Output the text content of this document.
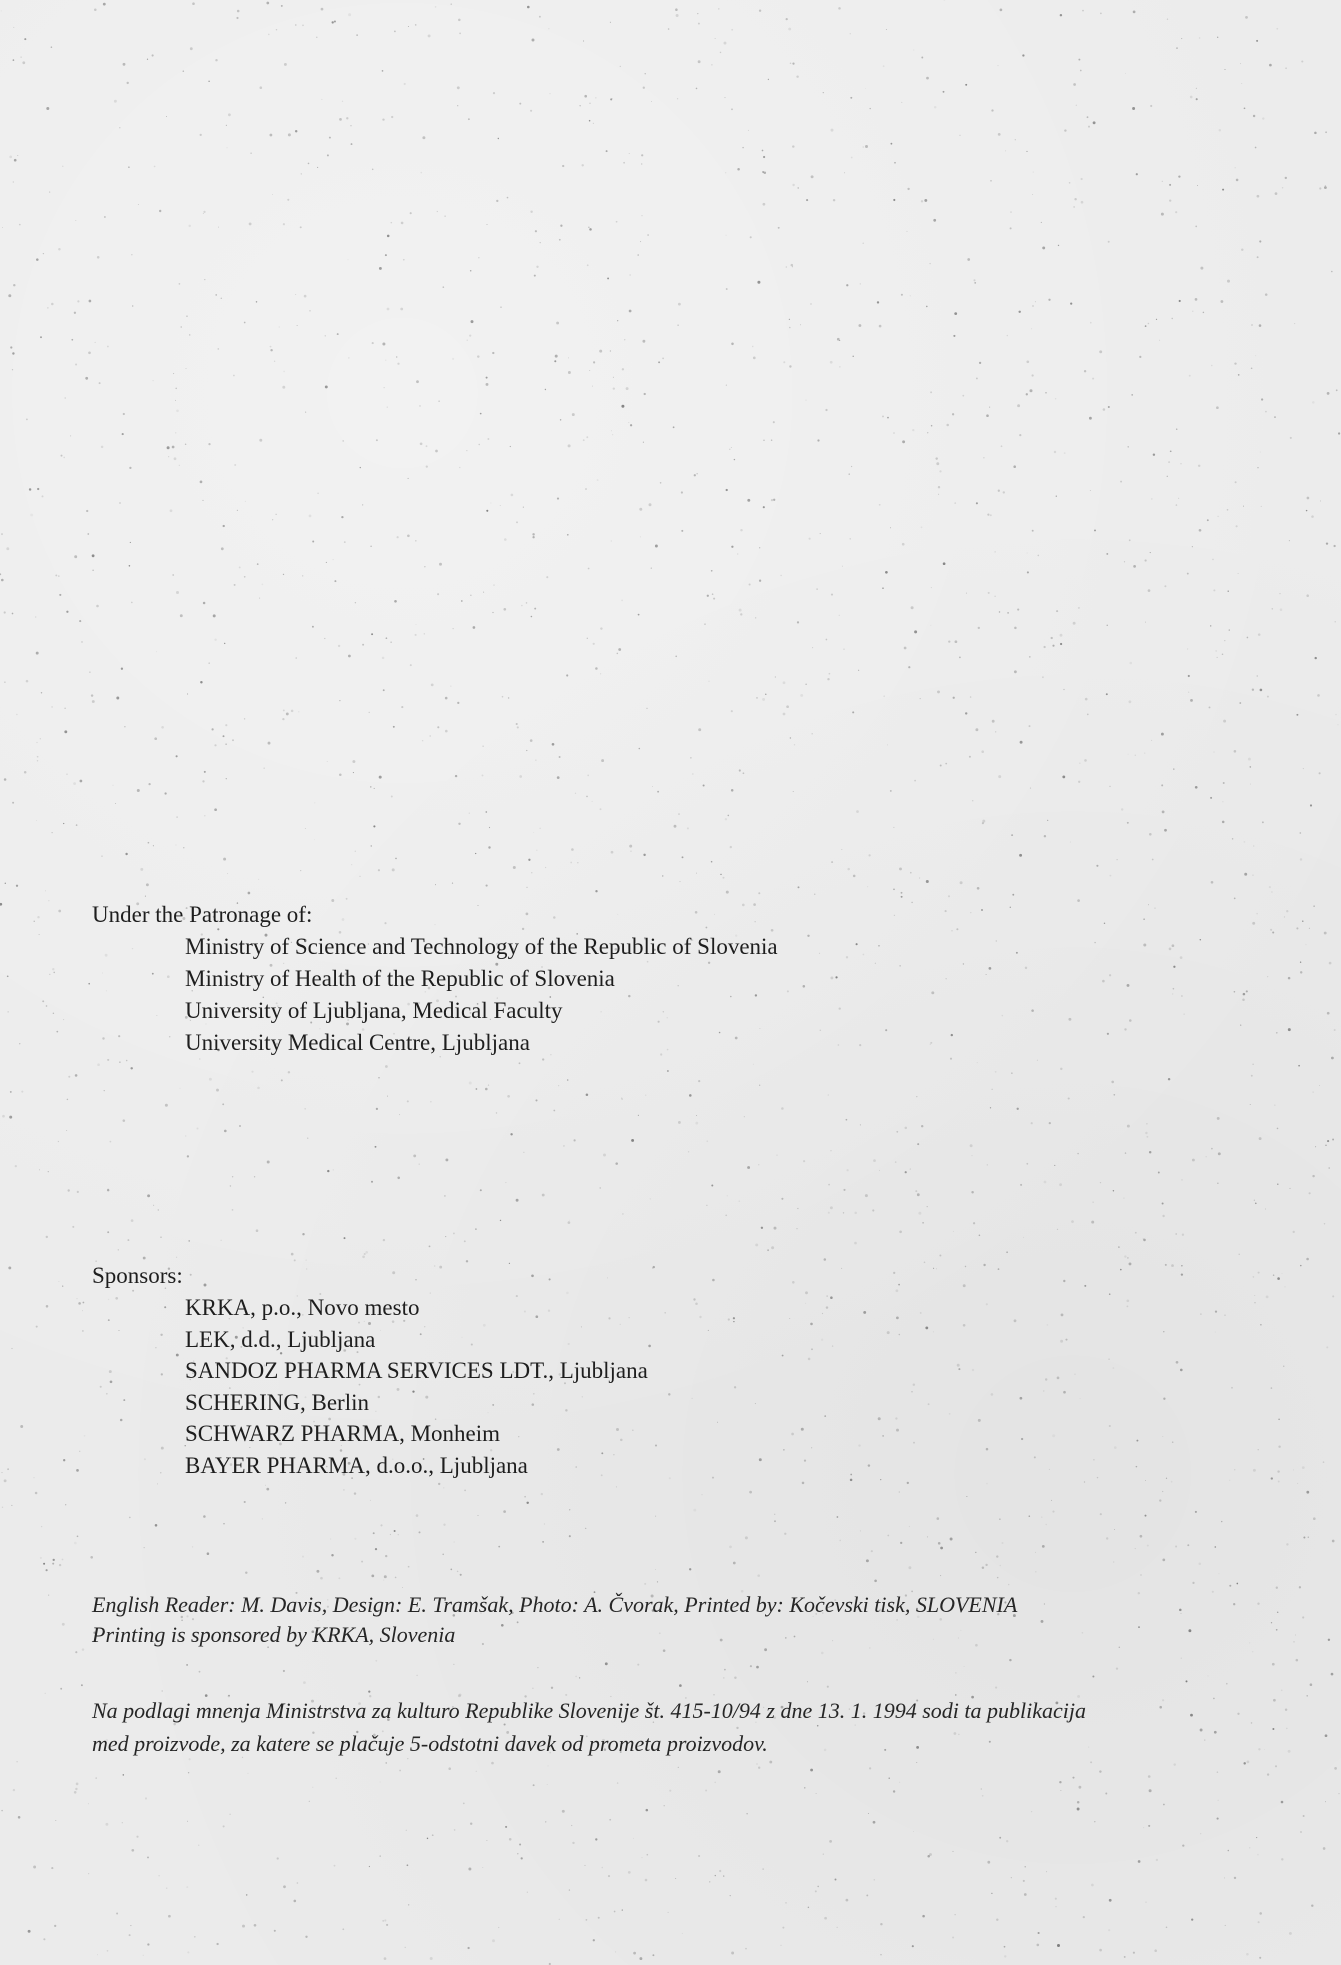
Under the Patronage of:
Ministry of Science and Technology of the Republic of Slovenia
Ministry of Health of the Republic of Slovenia
University of Ljubljana, Medical Faculty
University Medical Centre, Ljubljana
Sponsors:
KRKA, p.o., Novo mesto
LEK, d.d., Ljubljana
SANDOZ PHARMA SERVICES LDT., Ljubljana
SCHERING, Berlin
SCHWARZ PHARMA, Monheim
BAYER PHARMA, d.o.o., Ljubljana

English Reader: M. Davis, Design: E. Tramšak, Photo: A. Čvorak, Printed by: Kočevski tisk, SLOVENIA

Printing is sponsored by KRKA, Slovenia

Na podlagi mnenja Ministrstva za kulturo Republike Slovenije št. 415-10/94 z dne 13. 1. 1994 sodi ta publikacija

med proizvode, za katere se plačuje 5-odstotni davek od prometa proizvodov.
